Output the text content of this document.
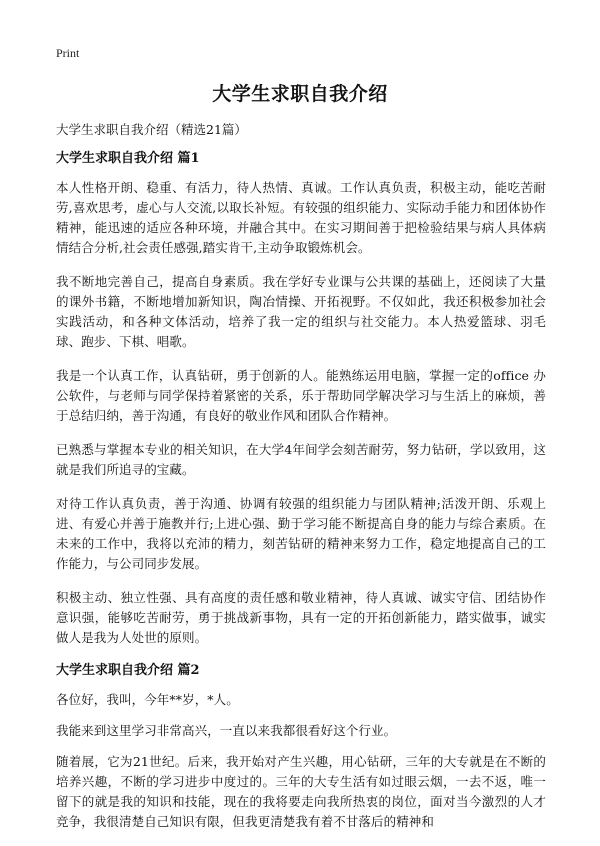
Print
大学生求职自我介绍

大学生求职自我介绍（精选21篇）

大学生求职自我介绍 篇1

本人性格开朗、稳重、有活力，待人热情、真诚。工作认真负责，积极主动，能吃苦耐劳,喜欢思考，虚心与人交流,以取长补短。有较强的组织能力、实际动手能力和团体协作精神，能迅速的适应各种环境，并融合其中。在实习期间善于把检验结果与病人具体病情结合分析,社会责任感强,踏实肯干,主动争取锻炼机会。

我不断地完善自己，提高自身素质。我在学好专业课与公共课的基础上，还阅读了大量的课外书籍，不断地增加新知识，陶冶情操、开拓视野。不仅如此，我还积极参加社会实践活动，和各种文体活动，培养了我一定的组织与社交能力。本人热爱篮球、羽毛球、跑步、下棋、唱歌。

我是一个认真工作，认真钻研，勇于创新的人。能熟练运用电脑，掌握一定的office 办公软件，与老师与同学保持着紧密的关系，乐于帮助同学解决学习与生活上的麻烦，善于总结归纳，善于沟通，有良好的敬业作风和团队合作精神。

已熟悉与掌握本专业的相关知识，在大学4年间学会刻苦耐劳，努力钻研，学以致用，这就是我们所追寻的宝藏。

对待工作认真负责，善于沟通、协调有较强的组织能力与团队精神;活泼开朗、乐观上进、有爱心并善于施教并行;上进心强、勤于学习能不断提高自身的能力与综合素质。在未来的工作中，我将以充沛的精力，刻苦钻研的精神来努力工作，稳定地提高自己的工作能力，与公司同步发展。

积极主动、独立性强、具有高度的责任感和敬业精神，待人真诚、诚实守信、团结协作意识强，能够吃苦耐劳，勇于挑战新事物，具有一定的开拓创新能力，踏实做事，诚实做人是我为人处世的原则。

大学生求职自我介绍 篇2

各位好，我叫，今年**岁，*人。

我能来到这里学习非常高兴，一直以来我都很看好这个行业。

随着展，它为21世纪。后来，我开始对产生兴趣，用心钻研，三年的大专就是在不断的培养兴趣，不断的学习进步中度过的。三年的大专生活有如过眼云烟，一去不返，唯一留下的就是我的知识和技能，现在的我将要走向我所热衷的岗位，面对当今激烈的人才竞争，我很清楚自己知识有限，但我更清楚我有着不甘落后的精神和
